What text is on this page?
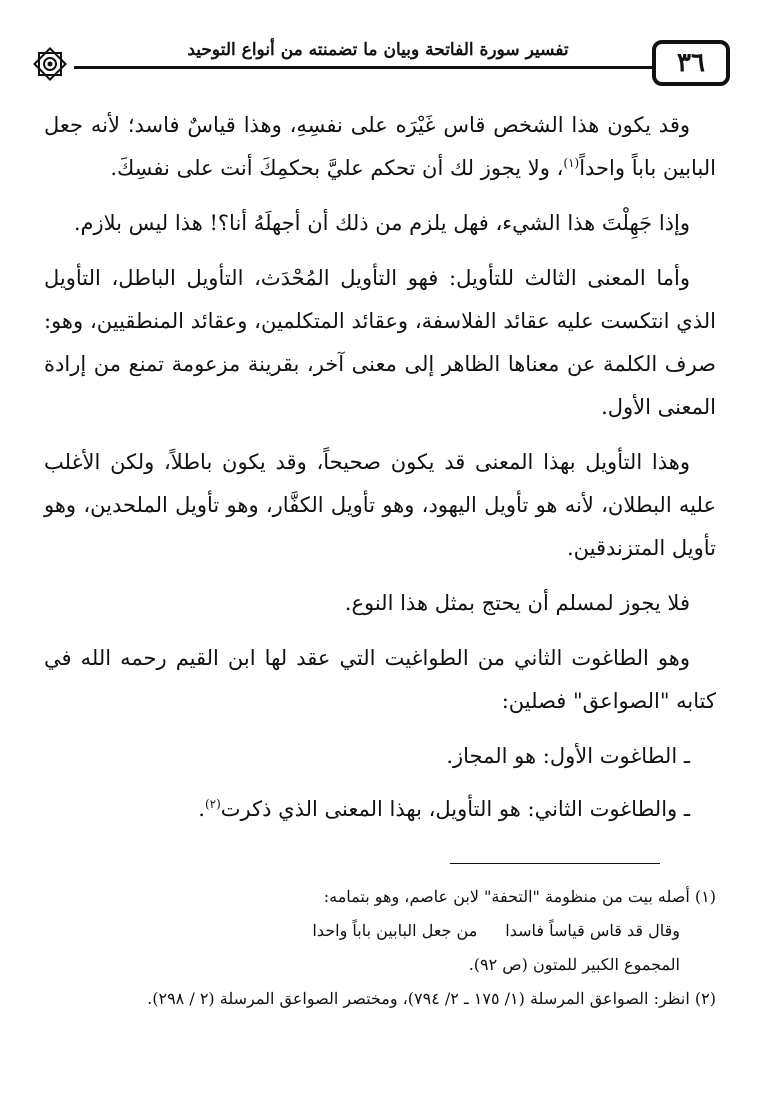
٣٦
تفسير سورة الفاتحة وبيان ما تضمنته من أنواع التوحيد

وقد يكون هذا الشخص قاس غَيْرَه على نفسِهِ، وهذا قياسٌ فاسد؛ لأنه جعل البابين باباً واحداً$^{(١)}$، ولا يجوز لك أن تحكم عليَّ بحكمِكَ أنت على نفسِكَ.

وإذا جَهِلْتَ هذا الشيء، فهل يلزم من ذلك أن أجهلَهُ أنا؟! هذا ليس بلازم.

وأما المعنى الثالث للتأويل: فهو التأويل المُحْدَث، التأويل الباطل، التأويل الذي انتكست عليه عقائد الفلاسفة، وعقائد المتكلمين، وعقائد المنطقيين، وهو: صرف الكلمة عن معناها الظاهر إلى معنى آخر، بقرينة مزعومة تمنع من إرادة المعنى الأول.

وهذا التأويل بهذا المعنى قد يكون صحيحاً، وقد يكون باطلاً، ولكن الأغلب عليه البطلان، لأنه هو تأويل اليهود، وهو تأويل الكفَّار، وهو تأويل الملحدين، وهو تأويل المتزندقين.

فلا يجوز لمسلم أن يحتج بمثل هذا النوع.

وهو الطاغوت الثاني من الطواغيت التي عقد لها ابن القيم رحمه الله في كتابه "الصواعق" فصلين:

ـ الطاغوت الأول: هو المجاز.

ـ والطاغوت الثاني: هو التأويل، بهذا المعنى الذي ذكرت$^{(٢)}$.

(١) أصله بيت من منظومة "التحفة" لابن عاصم، وهو بتمامه:

وقال قد قاس قياساً فاسدامن جعل البابين باباً واحدا

المجموع الكبير للمتون (ص ٩٢).

(٢) انظر: الصواعق المرسلة (١/ ١٧٥ ـ ٢/ ٧٩٤)، ومختصر الصواعق المرسلة (٢ / ٢٩٨).
